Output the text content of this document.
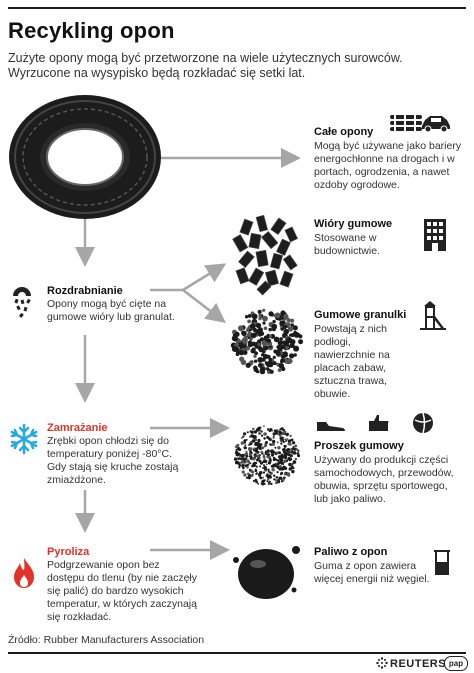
Recykling opon
Zużyte opony mogą być przetworzone na wiele użytecznych surowców. Wyrzucone na wysypisko będą rozkładać się setki lat.
Całe opony
Mogą być używane jako bariery energochłonne na drogach i w portach, ogrodzenia, a nawet ozdoby ogrodowe.
Wióry gumowe
Stosowane w budownictwie.
Gumowe granulki
Powstają z nich podłogi, nawierzchnie na placach zabaw, sztuczna trawa, obuwie.
Proszek gumowy
Używany do produkcji części samochodowych, przewodów, obuwia, sprzętu sportowego, lub jako paliwo.
Paliwo z opon
Guma z opon zawiera więcej energii niż węgiel.
Rozdrabnianie
Opony mogą być cięte na gumowe wióry lub granulat.
Zamrażanie
Zrębki opon chłodzi się do temperatury poniżej -80°C. Gdy stają się kruche zostają zmiażdżone.
Pyroliza
Podgrzewanie opon bez dostępu do tlenu (by nie zaczęły się palić) do bardzo wysokich temperatur, w których zaczynają się rozkładać.
Źródło: Rubber Manufacturers Association
REUTERS pap
